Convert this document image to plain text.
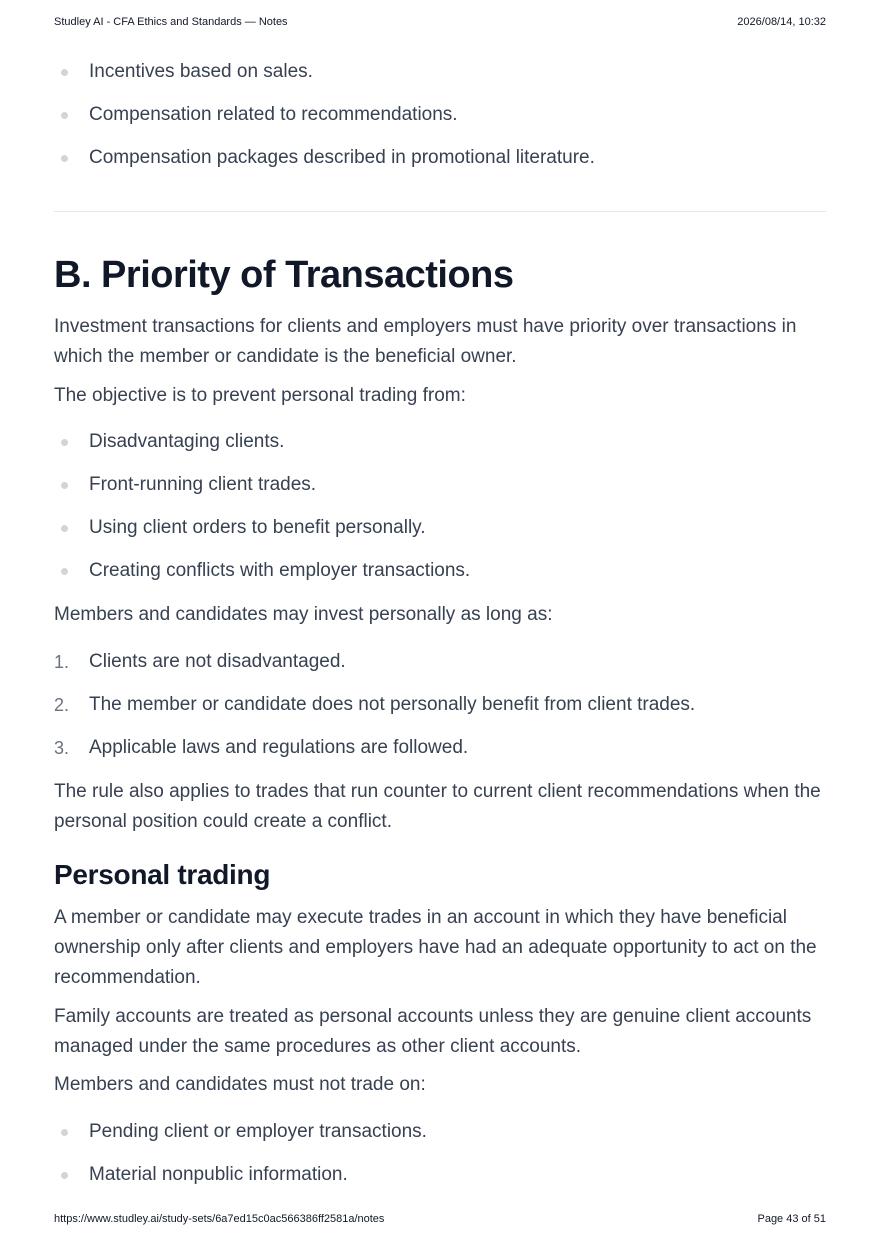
Studley AI - CFA Ethics and Standards — Notes	2026/08/14, 10:32
Incentives based on sales.
Compensation related to recommendations.
Compensation packages described in promotional literature.
B. Priority of Transactions

Investment transactions for clients and employers must have priority over transactions in which the member or candidate is the beneficial owner.

The objective is to prevent personal trading from:

Disadvantaging clients.
Front-running client trades.
Using client orders to benefit personally.
Creating conflicts with employer transactions.

Members and candidates may invest personally as long as:

1. Clients are not disadvantaged.
2. The member or candidate does not personally benefit from client trades.
3. Applicable laws and regulations are followed.

The rule also applies to trades that run counter to current client recommendations when the personal position could create a conflict.

Personal trading

A member or candidate may execute trades in an account in which they have beneficial ownership only after clients and employers have had an adequate opportunity to act on the recommendation.

Family accounts are treated as personal accounts unless they are genuine client accounts managed under the same procedures as other client accounts.

Members and candidates must not trade on:

Pending client or employer transactions.
Material nonpublic information.
https://www.studley.ai/study-sets/6a7ed15c0ac566386ff2581a/notes	Page 43 of 51
